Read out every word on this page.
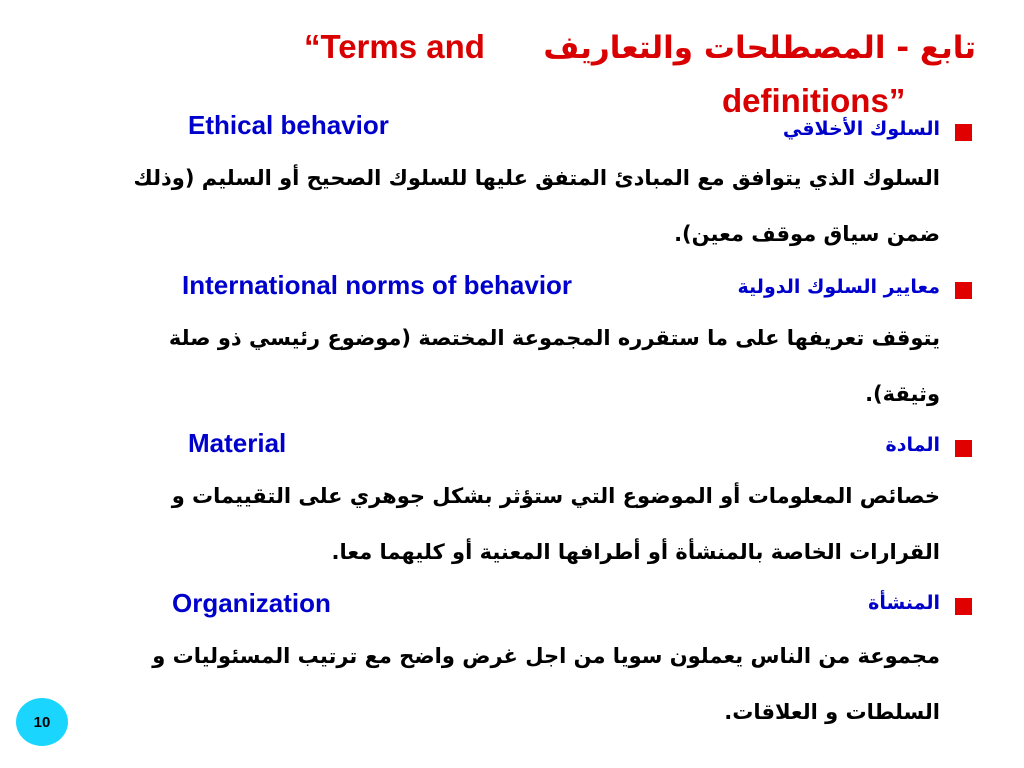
تابع - المصطلحات والتعاريف
“Terms and
definitions”
السلوك الأخلاقي
Ethical behavior
السلوك الذي يتوافق مع المبادئ المتفق عليها للسلوك الصحيح أو السليم (وذلك
ضمن سياق موقف معين).
معايير السلوك الدولية
International norms of behavior
يتوقف تعريفها على ما ستقرره المجموعة المختصة (موضوع رئيسي ذو صلة
وثيقة).
المادة
Material
خصائص المعلومات أو الموضوع التي ستؤثر بشكل جوهري على التقييمات و
القرارات الخاصة بالمنشأة أو أطرافها المعنية أو كليهما معا.
المنشأة
Organization
مجموعة من الناس يعملون سويا من اجل غرض واضح مع ترتيب المسئوليات و
السلطات و العلاقات.
10
